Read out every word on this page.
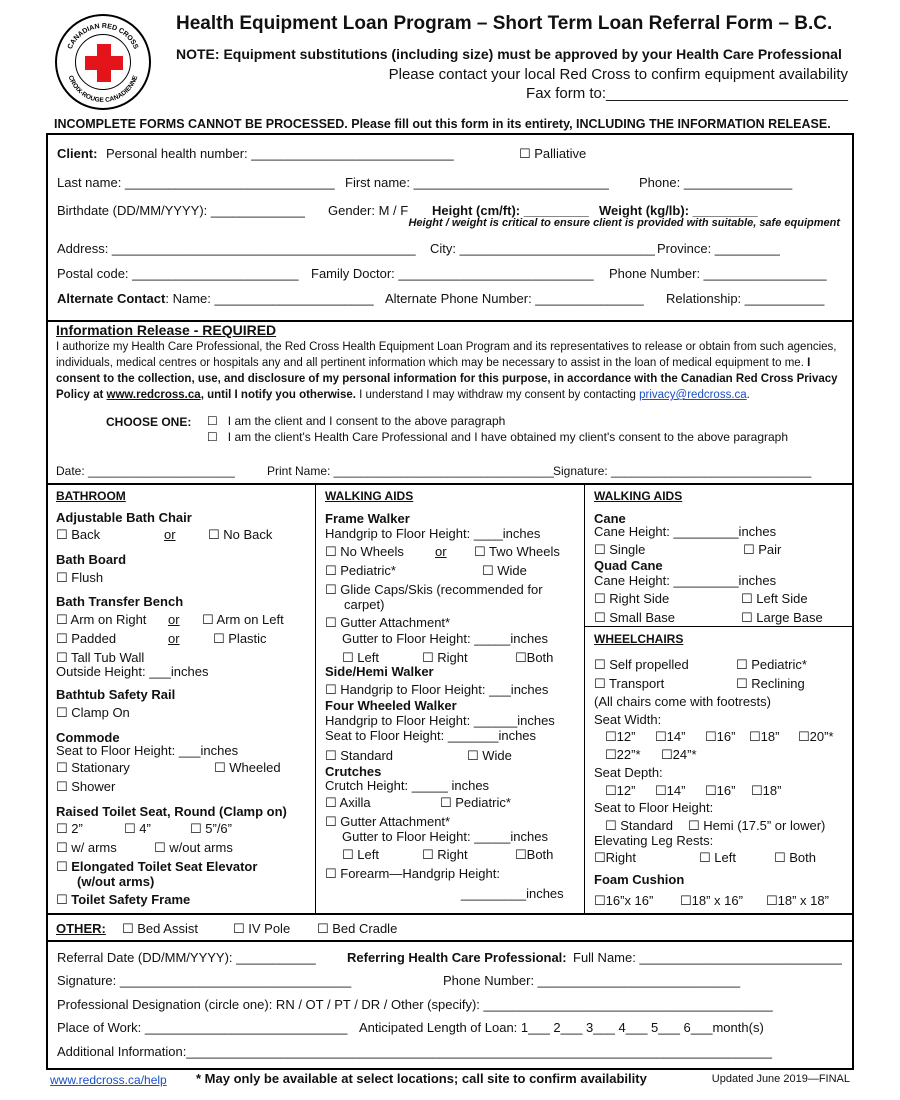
CANADIAN RED CROSS
CROIX-ROUGE CANADIENNE
Health Equipment Loan Program – Short Term Loan Referral Form – B.C.
NOTE: Equipment substitutions (including size) must be approved by your Health Care Professional
Please contact your local Red Cross to confirm equipment availability
Fax form to:_____________________________
INCOMPLETE FORMS CANNOT BE PROCESSED. Please fill out this form in its entirety, INCLUDING THE INFORMATION RELEASE.
Client: Personal health number: ____________________________	☐ Palliative
Last name: _____________________________ First name: ___________________________ Phone: _______________
Birthdate (DD/MM/YYYY): _____________ Gender: M / F Height (cm/ft): _________ Weight (kg/lb): _________
Height / weight is critical to ensure client is provided with suitable, safe equipment
Address: __________________________________________ City: ___________________________ Province: _________
Postal code: _______________________ Family Doctor: ___________________________ Phone Number: _________________
Alternate Contact: Name: ______________________ Alternate Phone Number: _______________ Relationship: ___________
Information Release - REQUIRED
I authorize my Health Care Professional, the Red Cross Health Equipment Loan Program and its representatives to release or obtain from such agencies, individuals, medical centres or hospitals any and all pertinent information which may be necessary to assist in the loan of medical equipment to me. I consent to the collection, use, and disclosure of my personal information for this purpose, in accordance with the Canadian Red Cross Privacy Policy at www.redcross.ca, until I notify you otherwise. I understand I may withdraw my consent by contacting privacy@redcross.ca.
CHOOSE ONE: ☐ I am the client and I consent to the above paragraph
☐ I am the client's Health Care Professional and I have obtained my client's consent to the above paragraph
Date: ______________________	Print Name: _________________________________ Signature: ______________________________
BATHROOM
Adjustable Bath Chair
☐ Back	or ☐ No Back
Bath Board
☐ Flush
Bath Transfer Bench
☐ Arm on Right or ☐ Arm on Left
☐ Padded	or	☐ Plastic
☐ Tall Tub Wall
Outside Height: ___inches
Bathtub Safety Rail
☐ Clamp On
Commode
Seat to Floor Height: ___inches
☐ Stationary	☐ Wheeled
☐ Shower
Raised Toilet Seat, Round (Clamp on)
☐ 2”	☐ 4”	☐ 5”/6”
☐ w/ arms	☐ w/out arms
☐ Elongated Toilet Seat Elevator
(w/out arms)
☐ Toilet Safety Frame
WALKING AIDS
Frame Walker
Handgrip to Floor Height: ____inches
☐ No Wheels or ☐ Two Wheels
☐ Pediatric*	☐ Wide
☐ Glide Caps/Skis (recommended for
carpet)
☐ Gutter Attachment*
Gutter to Floor Height: _____inches
☐ Left	☐ Right	☐Both
Side/Hemi Walker
☐ Handgrip to Floor Height: ___inches
Four Wheeled Walker
Handgrip to Floor Height: ______inches
Seat to Floor Height: _______inches
☐ Standard	☐ Wide
Crutches
Crutch Height: _____ inches
☐ Axilla	☐ Pediatric*
☐ Gutter Attachment*
Gutter to Floor Height: _____inches
☐ Left	☐ Right	☐Both
☐ Forearm—Handgrip Height:
_________inches
WALKING AIDS
Cane
Cane Height: _________inches
☐ Single	☐ Pair
Quad Cane
Cane Height: _________inches
☐ Right Side	☐ Left Side
☐ Small Base	☐ Large Base
WHEELCHAIRS
☐ Self propelled	☐ Pediatric*
☐ Transport	☐ Reclining
(All chairs come with footrests)
Seat Width:
☐12” ☐14” ☐16” ☐18” ☐20”*
☐22”* ☐24”*
Seat Depth:
☐12” ☐14” ☐16” ☐18”
Seat to Floor Height:
☐ Standard ☐ Hemi (17.5” or lower)
Elevating Leg Rests:
☐Right	☐ Left	☐ Both
Foam Cushion
☐16”x 16” ☐18” x 16” ☐18” x 18”
OTHER: ☐ Bed Assist	☐ IV Pole ☐ Bed Cradle
Referral Date (DD/MM/YYYY): ___________ Referring Health Care Professional: Full Name: ____________________________
Signature: ________________________________	Phone Number: ____________________________
Professional Designation (circle one): RN / OT / PT / DR / Other (specify): ________________________________________
Place of Work: ____________________________ Anticipated Length of Loan: 1___ 2___ 3___ 4___ 5___ 6___month(s)
Additional Information:_________________________________________________________________________________
www.redcross.ca/help * May only be available at select locations; call site to confirm availability	Updated June 2019—FINAL
